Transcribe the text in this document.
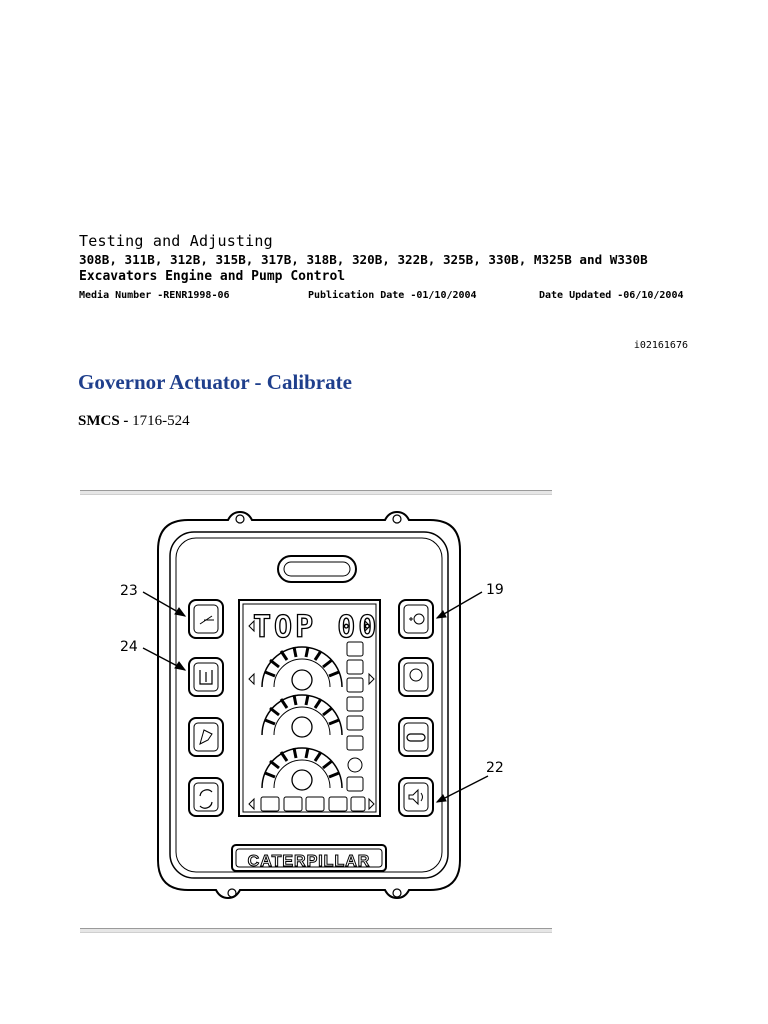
Testing and Adjusting
308B, 311B, 312B, 315B, 317B, 318B, 320B, 322B, 325B, 330B, M325B and W330B
Excavators Engine and Pump Control
Media Number -RENR1998-06	Publication Date -01/10/2004	Date Updated -06/10/2004
i02161676
Governor Actuator - Calibrate
SMCS - 1716-524
TOP 00
CATERPILLAR
23
24
19
22
